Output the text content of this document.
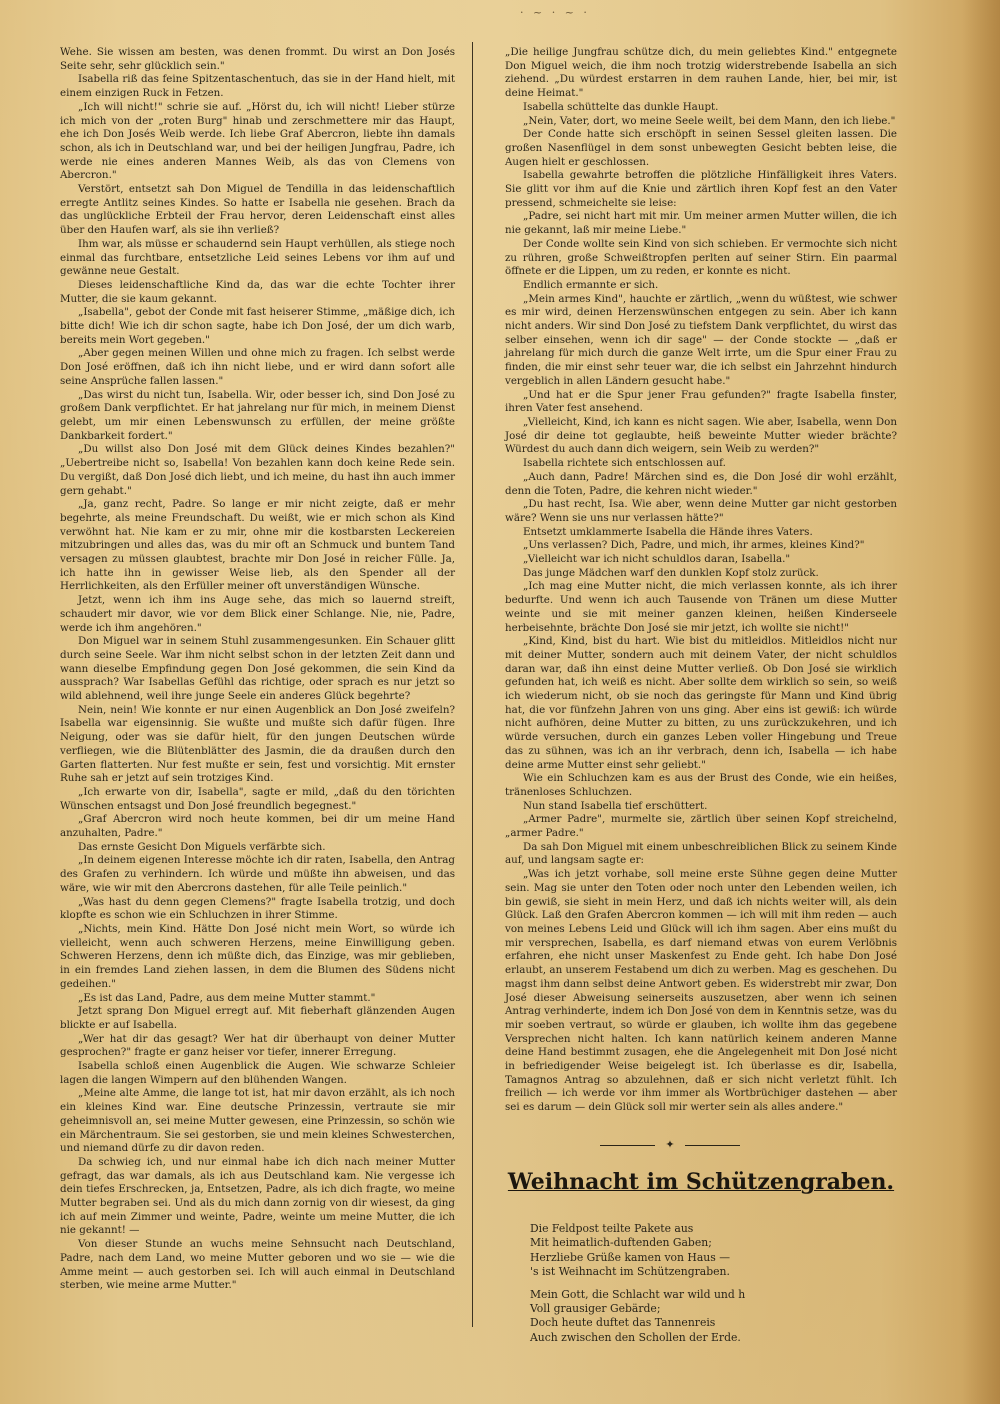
· ~ · ~ ·

Wehe. Sie wissen am besten, was denen frommt. Du wirst an Don Josés Seite sehr, sehr glücklich sein."

Isabella riß das feine Spitzentaschentuch, das sie in der Hand hielt, mit einem einzigen Ruck in Fetzen.

„Ich will nicht!" schrie sie auf. „Hörst du, ich will nicht! Lieber stürze ich mich von der „roten Burg" hinab und zerschmettere mir das Haupt, ehe ich Don Josés Weib werde. Ich liebe Graf Abercron, liebte ihn damals schon, als ich in Deutschland war, und bei der heiligen Jungfrau, Padre, ich werde nie eines anderen Mannes Weib, als das von Clemens von Abercron."

Verstört, entsetzt sah Don Miguel de Tendilla in das leidenschaftlich erregte Antlitz seines Kindes. So hatte er Isabella nie gesehen. Brach da das unglückliche Erbteil der Frau hervor, deren Leidenschaft einst alles über den Haufen warf, als sie ihn verließ?

Ihm war, als müsse er schaudernd sein Haupt verhüllen, als stiege noch einmal das furchtbare, entsetzliche Leid seines Lebens vor ihm auf und gewänne neue Gestalt.

Dieses leidenschaftliche Kind da, das war die echte Tochter ihrer Mutter, die sie kaum gekannt.

„Isabella", gebot der Conde mit fast heiserer Stimme, „mäßige dich, ich bitte dich! Wie ich dir schon sagte, habe ich Don José, der um dich warb, bereits mein Wort gegeben."

„Aber gegen meinen Willen und ohne mich zu fragen. Ich selbst werde Don José eröffnen, daß ich ihn nicht liebe, und er wird dann sofort alle seine Ansprüche fallen lassen."

„Das wirst du nicht tun, Isabella. Wir, oder besser ich, sind Don José zu großem Dank verpflichtet. Er hat jahrelang nur für mich, in meinem Dienst gelebt, um mir einen Lebenswunsch zu erfüllen, der meine größte Dankbarkeit fordert."

„Du willst also Don José mit dem Glück deines Kindes bezahlen?" „Uebertreibe nicht so, Isabella! Von bezahlen kann doch keine Rede sein. Du vergißt, daß Don José dich liebt, und ich meine, du hast ihn auch immer gern gehabt."

„Ja, ganz recht, Padre. So lange er mir nicht zeigte, daß er mehr begehrte, als meine Freundschaft. Du weißt, wie er mich schon als Kind verwöhnt hat. Nie kam er zu mir, ohne mir die kostbarsten Leckereien mitzubringen und alles das, was du mir oft an Schmuck und buntem Tand versagen zu müssen glaubtest, brachte mir Don José in reicher Fülle. Ja, ich hatte ihn in gewisser Weise lieb, als den Spender all der Herrlichkeiten, als den Erfüller meiner oft unverständigen Wünsche.

Jetzt, wenn ich ihm ins Auge sehe, das mich so lauernd streift, schaudert mir davor, wie vor dem Blick einer Schlange. Nie, nie, Padre, werde ich ihm angehören."

Don Miguel war in seinem Stuhl zusammengesunken. Ein Schauer glitt durch seine Seele. War ihm nicht selbst schon in der letzten Zeit dann und wann dieselbe Empfindung gegen Don José gekommen, die sein Kind da aussprach? War Isabellas Gefühl das richtige, oder sprach es nur jetzt so wild ablehnend, weil ihre junge Seele ein anderes Glück begehrte?

Nein, nein! Wie konnte er nur einen Augenblick an Don José zweifeln? Isabella war eigensinnig. Sie wußte und mußte sich dafür fügen. Ihre Neigung, oder was sie dafür hielt, für den jungen Deutschen würde verfliegen, wie die Blütenblätter des Jasmin, die da draußen durch den Garten flatterten. Nur fest mußte er sein, fest und vorsichtig. Mit ernster Ruhe sah er jetzt auf sein trotziges Kind.

„Ich erwarte von dir, Isabella", sagte er mild, „daß du den törichten Wünschen entsagst und Don José freundlich begegnest."

„Graf Abercron wird noch heute kommen, bei dir um meine Hand anzuhalten, Padre."

Das ernste Gesicht Don Miguels verfärbte sich.

„In deinem eigenen Interesse möchte ich dir raten, Isabella, den Antrag des Grafen zu verhindern. Ich würde und müßte ihn abweisen, und das wäre, wie wir mit den Abercrons dastehen, für alle Teile peinlich."

„Was hast du denn gegen Clemens?" fragte Isabella trotzig, und doch klopfte es schon wie ein Schluchzen in ihrer Stimme.

„Nichts, mein Kind. Hätte Don José nicht mein Wort, so würde ich vielleicht, wenn auch schweren Herzens, meine Einwilligung geben. Schweren Herzens, denn ich müßte dich, das Einzige, was mir geblieben, in ein fremdes Land ziehen lassen, in dem die Blumen des Südens nicht gedeihen."

„Es ist das Land, Padre, aus dem meine Mutter stammt."

Jetzt sprang Don Miguel erregt auf. Mit fieberhaft glänzenden Augen blickte er auf Isabella.

„Wer hat dir das gesagt? Wer hat dir überhaupt von deiner Mutter gesprochen?" fragte er ganz heiser vor tiefer, innerer Erregung.

Isabella schloß einen Augenblick die Augen. Wie schwarze Schleier lagen die langen Wimpern auf den blühenden Wangen.

„Meine alte Amme, die lange tot ist, hat mir davon erzählt, als ich noch ein kleines Kind war. Eine deutsche Prinzessin, vertraute sie mir geheimnisvoll an, sei meine Mutter gewesen, eine Prinzessin, so schön wie ein Märchentraum. Sie sei gestorben, sie und mein kleines Schwesterchen, und niemand dürfe zu dir davon reden.

Da schwieg ich, und nur einmal habe ich dich nach meiner Mutter gefragt, das war damals, als ich aus Deutschland kam. Nie vergesse ich dein tiefes Erschrecken, ja, Entsetzen, Padre, als ich dich fragte, wo meine Mutter begraben sei. Und als du mich dann zornig von dir wiesest, da ging ich auf mein Zimmer und weinte, Padre, weinte um meine Mutter, die ich nie gekannt! —

Von dieser Stunde an wuchs meine Sehnsucht nach Deutschland, Padre, nach dem Land, wo meine Mutter geboren und wo sie — wie die Amme meint — auch gestorben sei. Ich will auch einmal in Deutschland sterben, wie meine arme Mutter."

„Die heilige Jungfrau schütze dich, du mein geliebtes Kind." entgegnete Don Miguel weich, die ihm noch trotzig widerstrebende Isabella an sich ziehend. „Du würdest erstarren in dem rauhen Lande, hier, bei mir, ist deine Heimat."

Isabella schüttelte das dunkle Haupt.

„Nein, Vater, dort, wo meine Seele weilt, bei dem Mann, den ich liebe."

Der Conde hatte sich erschöpft in seinen Sessel gleiten lassen. Die großen Nasenflügel in dem sonst unbewegten Gesicht bebten leise, die Augen hielt er geschlossen.

Isabella gewahrte betroffen die plötzliche Hinfälligkeit ihres Vaters. Sie glitt vor ihm auf die Knie und zärtlich ihren Kopf fest an den Vater pressend, schmeichelte sie leise:

„Padre, sei nicht hart mit mir. Um meiner armen Mutter willen, die ich nie gekannt, laß mir meine Liebe."

Der Conde wollte sein Kind von sich schieben. Er vermochte sich nicht zu rühren, große Schweißtropfen perlten auf seiner Stirn. Ein paarmal öffnete er die Lippen, um zu reden, er konnte es nicht.

Endlich ermannte er sich.

„Mein armes Kind", hauchte er zärtlich, „wenn du wüßtest, wie schwer es mir wird, deinen Herzenswünschen entgegen zu sein. Aber ich kann nicht anders. Wir sind Don José zu tiefstem Dank verpflichtet, du wirst das selber einsehen, wenn ich dir sage" — der Conde stockte — „daß er jahrelang für mich durch die ganze Welt irrte, um die Spur einer Frau zu finden, die mir einst sehr teuer war, die ich selbst ein Jahrzehnt hindurch vergeblich in allen Ländern gesucht habe."

„Und hat er die Spur jener Frau gefunden?" fragte Isabella finster, ihren Vater fest ansehend.

„Vielleicht, Kind, ich kann es nicht sagen. Wie aber, Isabella, wenn Don José dir deine tot geglaubte, heiß beweinte Mutter wieder brächte? Würdest du auch dann dich weigern, sein Weib zu werden?"

Isabella richtete sich entschlossen auf.

„Auch dann, Padre! Märchen sind es, die Don José dir wohl erzählt, denn die Toten, Padre, die kehren nicht wieder."

„Du hast recht, Isa. Wie aber, wenn deine Mutter gar nicht gestorben wäre? Wenn sie uns nur verlassen hätte?"

Entsetzt umklammerte Isabella die Hände ihres Vaters.

„Uns verlassen? Dich, Padre, und mich, ihr armes, kleines Kind?"

„Vielleicht war ich nicht schuldlos daran, Isabella."

Das junge Mädchen warf den dunklen Kopf stolz zurück.

„Ich mag eine Mutter nicht, die mich verlassen konnte, als ich ihrer bedurfte. Und wenn ich auch Tausende von Tränen um diese Mutter weinte und sie mit meiner ganzen kleinen, heißen Kinderseele herbeisehnte, brächte Don José sie mir jetzt, ich wollte sie nicht!"

„Kind, Kind, bist du hart. Wie bist du mitleidlos. Mitleidlos nicht nur mit deiner Mutter, sondern auch mit deinem Vater, der nicht schuldlos daran war, daß ihn einst deine Mutter verließ. Ob Don José sie wirklich gefunden hat, ich weiß es nicht. Aber sollte dem wirklich so sein, so weiß ich wiederum nicht, ob sie noch das geringste für Mann und Kind übrig hat, die vor fünfzehn Jahren von uns ging. Aber eins ist gewiß: ich würde nicht aufhören, deine Mutter zu bitten, zu uns zurückzukehren, und ich würde versuchen, durch ein ganzes Leben voller Hingebung und Treue das zu sühnen, was ich an ihr verbrach, denn ich, Isabella — ich habe deine arme Mutter einst sehr geliebt."

Wie ein Schluchzen kam es aus der Brust des Conde, wie ein heißes, tränenloses Schluchzen.

Nun stand Isabella tief erschüttert.

„Armer Padre", murmelte sie, zärtlich über seinen Kopf streichelnd, „armer Padre."

Da sah Don Miguel mit einem unbeschreiblichen Blick zu seinem Kinde auf, und langsam sagte er:

„Was ich jetzt vorhabe, soll meine erste Sühne gegen deine Mutter sein. Mag sie unter den Toten oder noch unter den Lebenden weilen, ich bin gewiß, sie sieht in mein Herz, und daß ich nichts weiter will, als dein Glück. Laß den Grafen Abercron kommen — ich will mit ihm reden — auch von meines Lebens Leid und Glück will ich ihm sagen. Aber eins mußt du mir versprechen, Isabella, es darf niemand etwas von eurem Verlöbnis erfahren, ehe nicht unser Maskenfest zu Ende geht. Ich habe Don José erlaubt, an unserem Festabend um dich zu werben. Mag es geschehen. Du magst ihm dann selbst deine Antwort geben. Es widerstrebt mir zwar, Don José dieser Abweisung seinerseits auszusetzen, aber wenn ich seinen Antrag verhinderte, indem ich Don José von dem in Kenntnis setze, was du mir soeben vertraut, so würde er glauben, ich wollte ihm das gegebene Versprechen nicht halten. Ich kann natürlich keinem anderen Manne deine Hand bestimmt zusagen, ehe die Angelegenheit mit Don José nicht in befriedigender Weise beigelegt ist. Ich überlasse es dir, Isabella, Tamagnos Antrag so abzulehnen, daß er sich nicht verletzt fühlt. Ich freilich — ich werde vor ihm immer als Wortbrüchiger dastehen — aber sei es darum — dein Glück soll mir werter sein als alles andere."

✦
Weihnacht im Schützengraben.
Die Feldpost teilte Pakete aus
Mit heimatlich-duftenden Gaben;
Herzliebe Grüße kamen von Haus —
's ist Weihnacht im Schützengraben.
Mein Gott, die Schlacht war wild und h
Voll grausiger Gebärde;
Doch heute duftet das Tannenreis
Auch zwischen den Schollen der Erde.
